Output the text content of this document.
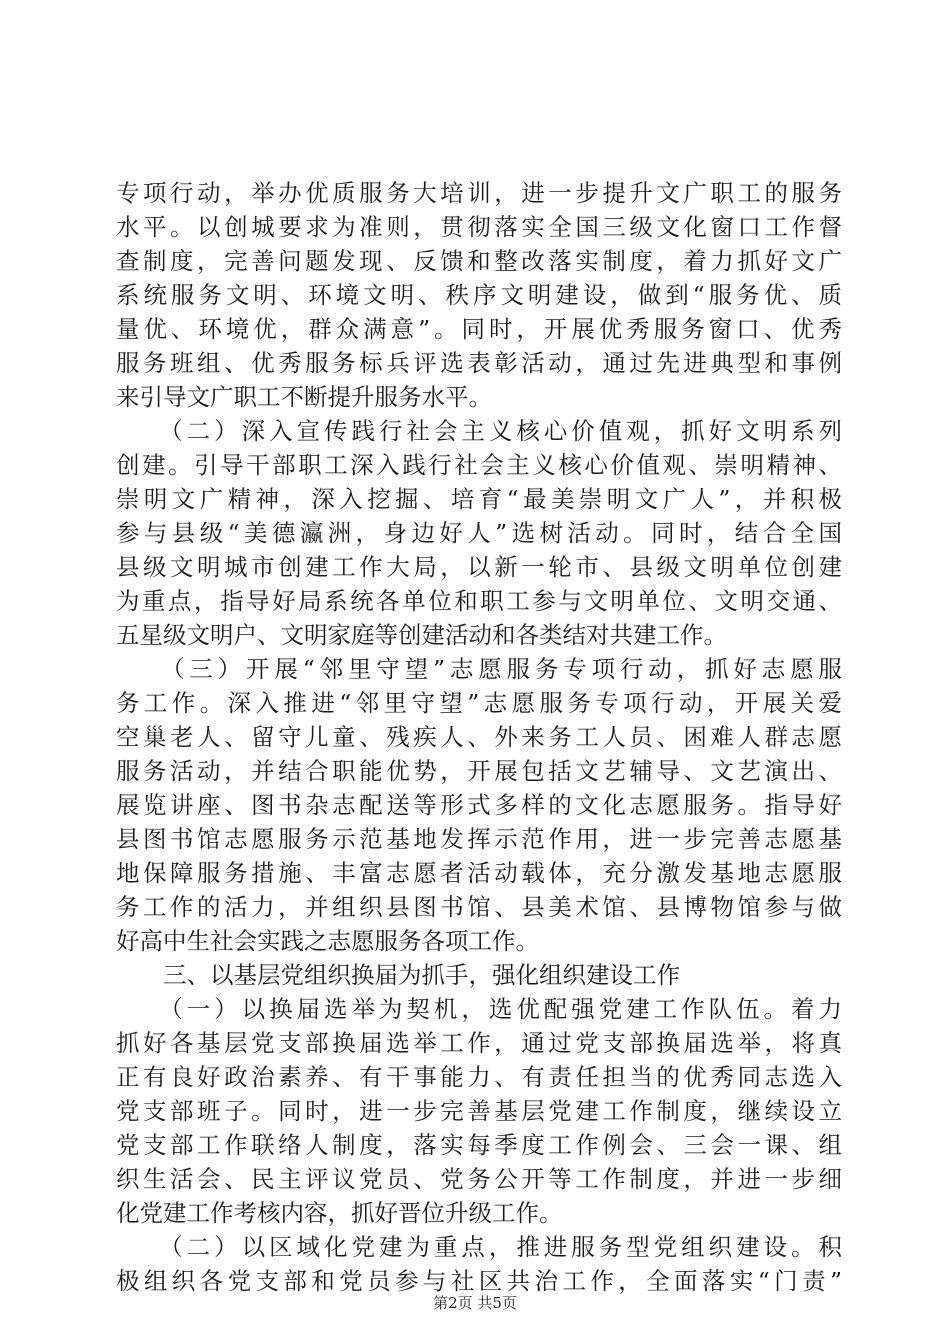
专项行动，举办优质服务大培训，进一步提升文广职工的服务
水平。以创城要求为准则，贯彻落实全国三级文化窗口工作督
查制度，完善问题发现、反馈和整改落实制度，着力抓好文广
系统服务文明、环境文明、秩序文明建设，做到“服务优、质
量优、环境优，群众满意”。同时，开展优秀服务窗口、优秀
服务班组、优秀服务标兵评选表彰活动，通过先进典型和事例
来引导文广职工不断提升服务水平。
　　（二）深入宣传践行社会主义核心价值观，抓好文明系列
创建。引导干部职工深入践行社会主义核心价值观、崇明精神、
崇明文广精神，深入挖掘、培育“最美崇明文广人”，并积极
参与县级“美德瀛洲，身边好人”选树活动。同时，结合全国
县级文明城市创建工作大局，以新一轮市、县级文明单位创建
为重点，指导好局系统各单位和职工参与文明单位、文明交通、
五星级文明户、文明家庭等创建活动和各类结对共建工作。
　　（三）开展“邻里守望”志愿服务专项行动，抓好志愿服
务工作。深入推进“邻里守望”志愿服务专项行动，开展关爱
空巢老人、留守儿童、残疾人、外来务工人员、困难人群志愿
服务活动，并结合职能优势，开展包括文艺辅导、文艺演出、
展览讲座、图书杂志配送等形式多样的文化志愿服务。指导好
县图书馆志愿服务示范基地发挥示范作用，进一步完善志愿基
地保障服务措施、丰富志愿者活动载体，充分激发基地志愿服
务工作的活力，并组织县图书馆、县美术馆、县博物馆参与做
好高中生社会实践之志愿服务各项工作。
　　三、以基层党组织换届为抓手，强化组织建设工作
　　（一）以换届选举为契机，选优配强党建工作队伍。着力
抓好各基层党支部换届选举工作，通过党支部换届选举，将真
正有良好政治素养、有干事能力、有责任担当的优秀同志选入
党支部班子。同时，进一步完善基层党建工作制度，继续设立
党支部工作联络人制度，落实每季度工作例会、三会一课、组
织生活会、民主评议党员、党务公开等工作制度，并进一步细
化党建工作考核内容，抓好晋位升级工作。
　　（二）以区域化党建为重点，推进服务型党组织建设。积
极组织各党支部和党员参与社区共治工作，全面落实“门责”
第2页 共5页
